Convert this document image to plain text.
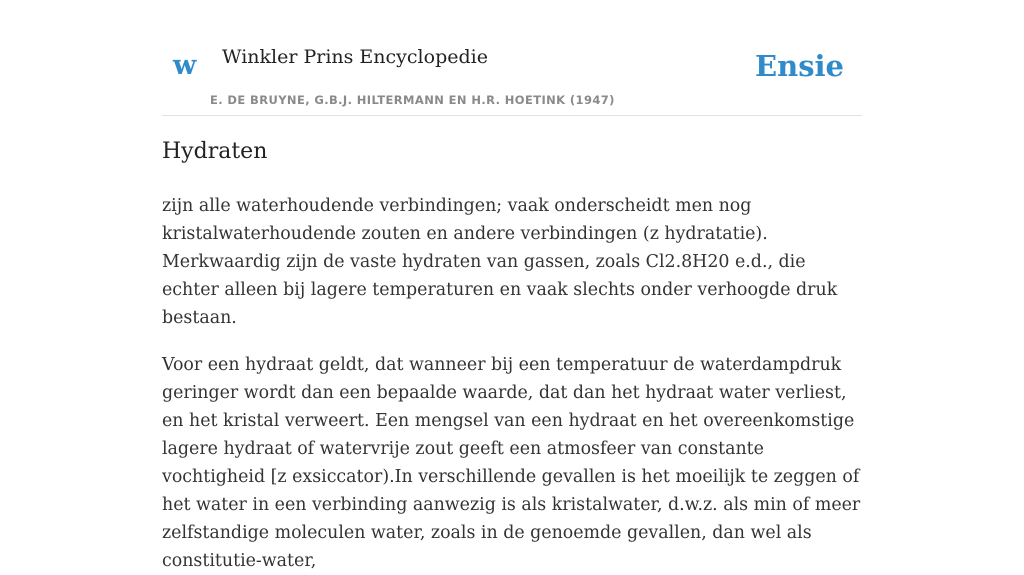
w Winkler Prins Encyclopedie
E. DE BRUYNE, G.B.J. HILTERMANN EN H.R. HOETINK (1947)
Ensie
Hydraten

zijn alle waterhoudende verbindingen; vaak onderscheidt men nog kristalwaterhoudende zouten en andere verbindingen (z hydratatie). Merkwaardig zijn de vaste hydraten van gassen, zoals Cl2.8H20 e.d., die echter alleen bij lagere temperaturen en vaak slechts onder verhoogde druk bestaan.

Voor een hydraat geldt, dat wanneer bij een temperatuur de waterdampdruk geringer wordt dan een bepaalde waarde, dat dan het hydraat water verliest, en het kristal verweert. Een mengsel van een hydraat en het overeenkomstige lagere hydraat of watervrije zout geeft een atmosfeer van constante vochtigheid [z exsiccator).In verschillende gevallen is het moeilijk te zeggen of het water in een verbinding aanwezig is als kristalwater, d.w.z. als min of meer zelfstandige moleculen water, zoals in de genoemde gevallen, dan wel als constitutie-water,
